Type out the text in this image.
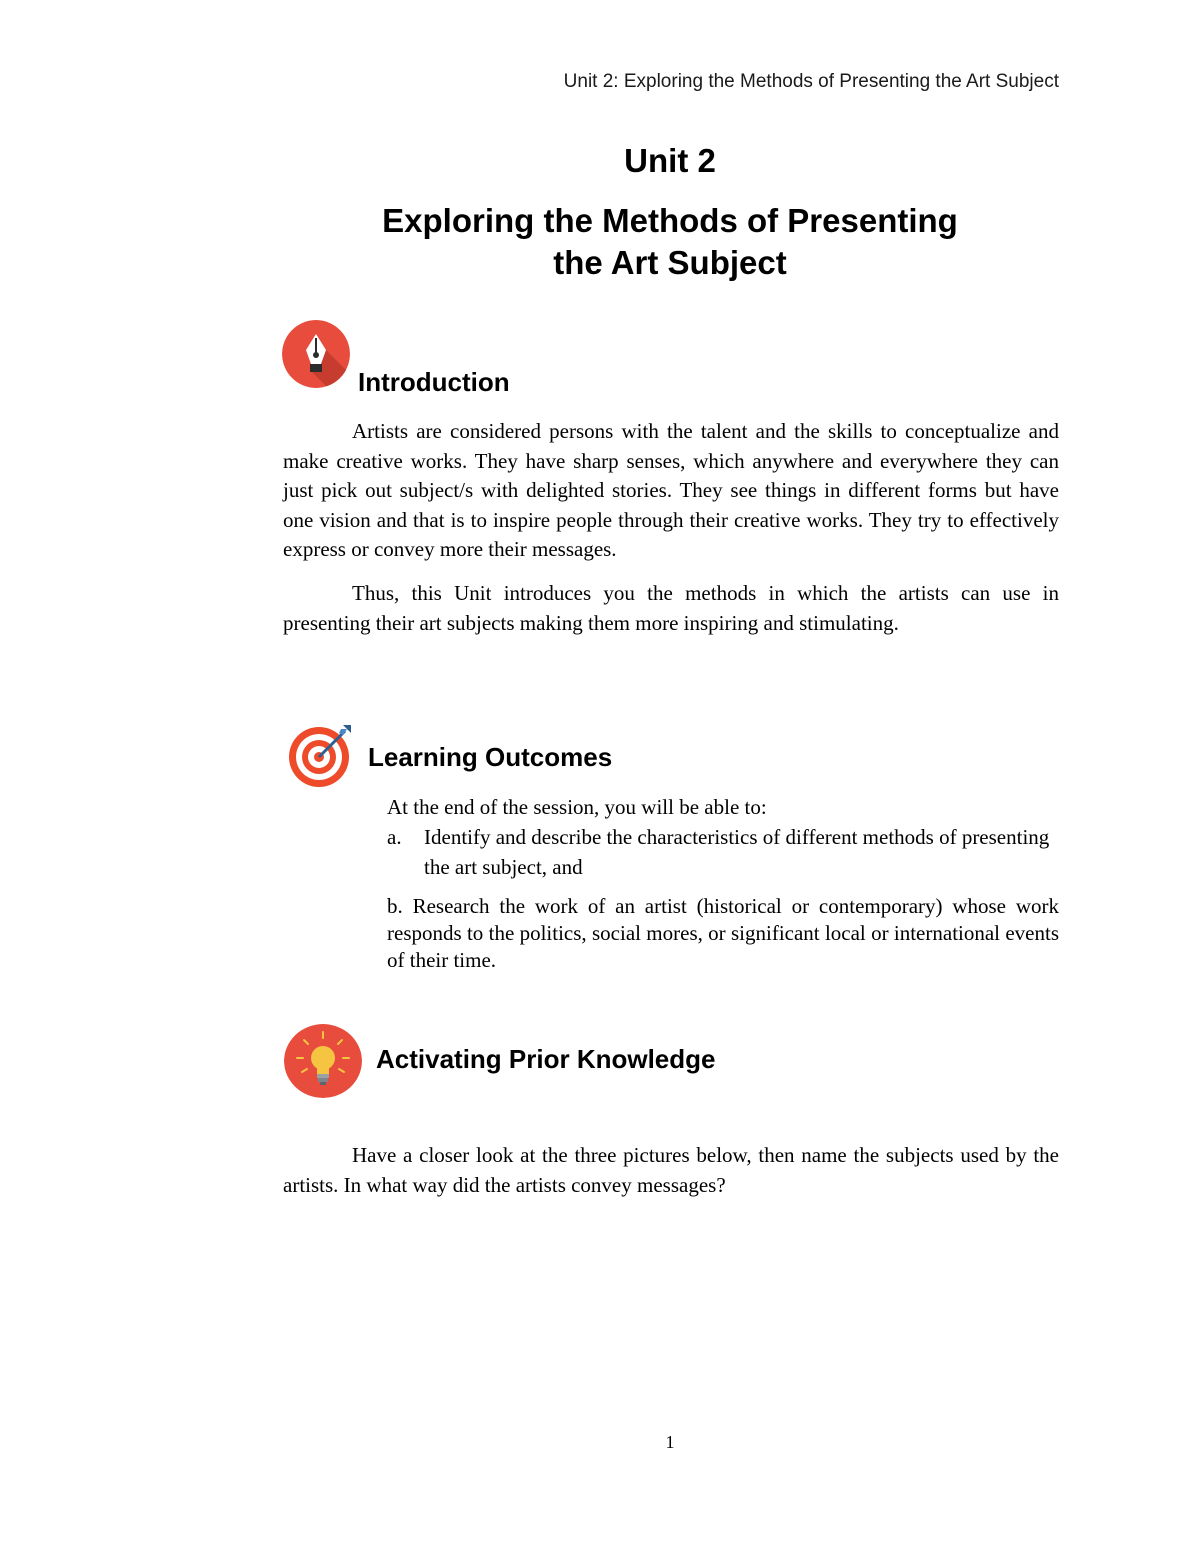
Unit 2: Exploring the Methods of Presenting the Art Subject
Unit 2
Exploring the Methods of Presenting
the Art Subject
Introduction

Artists are considered persons with the talent and the skills to conceptualize and make creative works. They have sharp senses, which anywhere and everywhere they can just pick out subject/s with delighted stories. They see things in different forms but have one vision and that is to inspire people through their creative works. They try to effectively express or convey more their messages.

Thus, this Unit introduces you the methods in which the artists can use in presenting their art subjects making them more inspiring and stimulating.

Learning Outcomes
At the end of the session, you will be able to:
a. Identify and describe the characteristics of different methods of presenting the art subject, and
b. Research the work of an artist (historical or contemporary) whose work responds to the politics, social mores, or significant local or international events of their time.
Activating Prior Knowledge

Have a closer look at the three pictures below, then name the subjects used by the artists. In what way did the artists convey messages?

1
